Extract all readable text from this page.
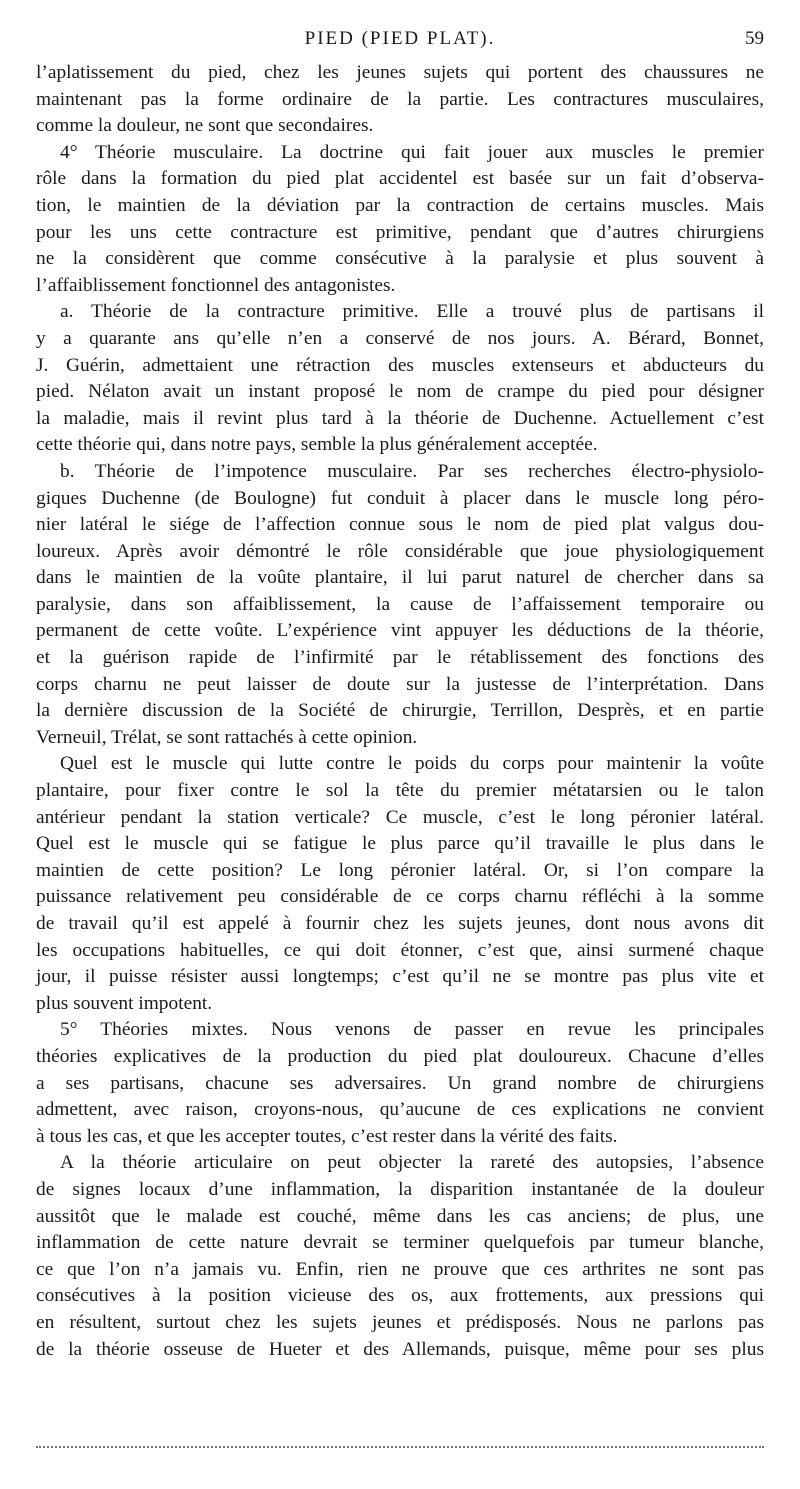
PIED (PIED PLAT).	59
l’aplatissement du pied, chez les jeunes sujets qui portent des chaussures ne
maintenant pas la forme ordinaire de la partie. Les contractures musculaires,
comme la douleur, ne sont que secondaires.
4° Théorie musculaire. La doctrine qui fait jouer aux muscles le premier
rôle dans la formation du pied plat accidentel est basée sur un fait d’observa-
tion, le maintien de la déviation par la contraction de certains muscles. Mais
pour les uns cette contracture est primitive, pendant que d’autres chirurgiens
ne la considèrent que comme consécutive à la paralysie et plus souvent à
l’affaiblissement fonctionnel des antagonistes.
a. Théorie de la contracture primitive. Elle a trouvé plus de partisans il
y a quarante ans qu’elle n’en a conservé de nos jours. A. Bérard, Bonnet,
J. Guérin, admettaient une rétraction des muscles extenseurs et abducteurs du
pied. Nélaton avait un instant proposé le nom de crampe du pied pour désigner
la maladie, mais il revint plus tard à la théorie de Duchenne. Actuellement c’est
cette théorie qui, dans notre pays, semble la plus généralement acceptée.
b. Théorie de l’impotence musculaire. Par ses recherches électro-physiolo-
giques Duchenne (de Boulogne) fut conduit à placer dans le muscle long péro-
nier latéral le siége de l’affection connue sous le nom de pied plat valgus dou-
loureux. Après avoir démontré le rôle considérable que joue physiologiquement
dans le maintien de la voûte plantaire, il lui parut naturel de chercher dans sa
paralysie, dans son affaiblissement, la cause de l’affaissement temporaire ou
permanent de cette voûte. L’expérience vint appuyer les déductions de la théorie,
et la guérison rapide de l’infirmité par le rétablissement des fonctions des
corps charnu ne peut laisser de doute sur la justesse de l’interprétation. Dans
la dernière discussion de la Société de chirurgie, Terrillon, Desprès, et en partie
Verneuil, Trélat, se sont rattachés à cette opinion.
Quel est le muscle qui lutte contre le poids du corps pour maintenir la voûte
plantaire, pour fixer contre le sol la tête du premier métatarsien ou le talon
antérieur pendant la station verticale? Ce muscle, c’est le long péronier latéral.
Quel est le muscle qui se fatigue le plus parce qu’il travaille le plus dans le
maintien de cette position? Le long péronier latéral. Or, si l’on compare la
puissance relativement peu considérable de ce corps charnu réfléchi à la somme
de travail qu’il est appelé à fournir chez les sujets jeunes, dont nous avons dit
les occupations habituelles, ce qui doit étonner, c’est que, ainsi surmené chaque
jour, il puisse résister aussi longtemps; c’est qu’il ne se montre pas plus vite et
plus souvent impotent.
5° Théories mixtes. Nous venons de passer en revue les principales
théories explicatives de la production du pied plat douloureux. Chacune d’elles
a ses partisans, chacune ses adversaires. Un grand nombre de chirurgiens
admettent, avec raison, croyons-nous, qu’aucune de ces explications ne convient
à tous les cas, et que les accepter toutes, c’est rester dans la vérité des faits.
A la théorie articulaire on peut objecter la rareté des autopsies, l’absence
de signes locaux d’une inflammation, la disparition instantanée de la douleur
aussitôt que le malade est couché, même dans les cas anciens; de plus, une
inflammation de cette nature devrait se terminer quelquefois par tumeur blanche,
ce que l’on n’a jamais vu. Enfin, rien ne prouve que ces arthrites ne sont pas
consécutives à la position vicieuse des os, aux frottements, aux pressions qui
en résultent, surtout chez les sujets jeunes et prédisposés. Nous ne parlons pas
de la théorie osseuse de Hueter et des Allemands, puisque, même pour ses plus
